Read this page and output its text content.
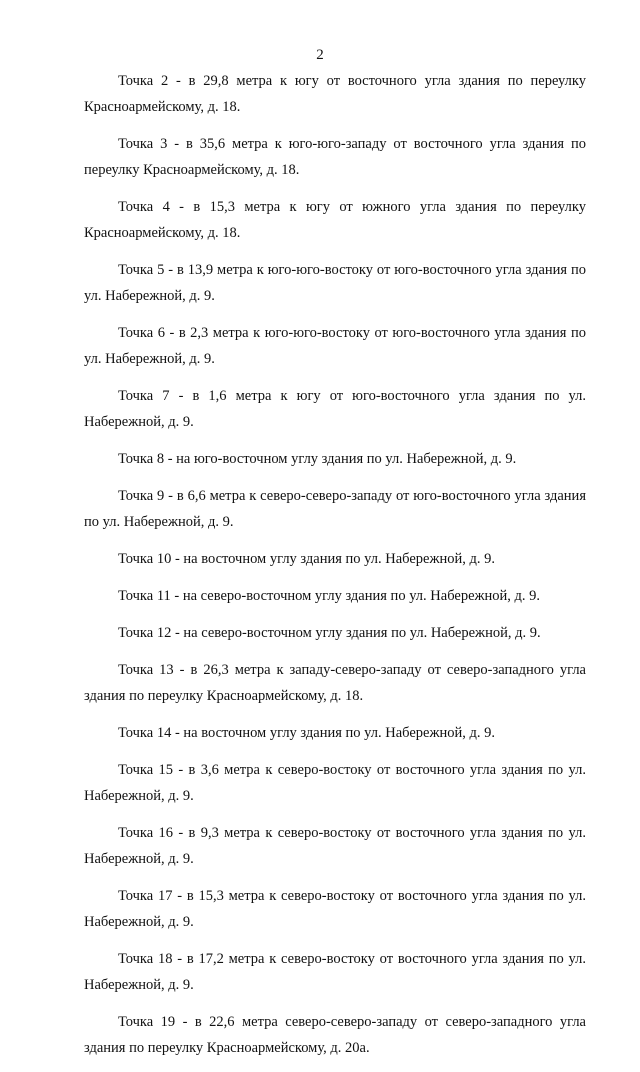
2

Точка 2 - в 29,8 метра к югу от восточного угла здания по переулку Красноармейскому, д. 18.

Точка 3 - в 35,6 метра к юго-юго-западу от восточного угла здания по переулку Красноармейскому, д. 18.

Точка 4 - в 15,3 метра к югу от южного угла здания по переулку Красноармейскому, д. 18.

Точка 5 - в 13,9 метра к юго-юго-востоку от юго-восточного угла здания по ул. Набережной, д. 9.

Точка 6 - в 2,3 метра к юго-юго-востоку от юго-восточного угла здания по ул. Набережной, д. 9.

Точка 7 - в 1,6 метра к югу от юго-восточного угла здания по ул. Набережной, д. 9.

Точка 8 - на юго-восточном углу здания по ул. Набережной, д. 9.

Точка 9 - в 6,6 метра к северо-северо-западу от юго-восточного угла здания по ул. Набережной, д. 9.

Точка 10 - на восточном углу здания по ул. Набережной, д. 9.

Точка 11 - на северо-восточном углу здания по ул. Набережной, д. 9.

Точка 12 - на северо-восточном углу здания по ул. Набережной, д. 9.

Точка 13 - в 26,3 метра к западу-северо-западу от северо-западного угла здания по переулку Красноармейскому, д. 18.

Точка 14 - на восточном углу здания по ул. Набережной, д. 9.

Точка 15 - в 3,6 метра к северо-востоку от восточного угла здания по ул. Набережной, д. 9.

Точка 16 - в 9,3 метра к северо-востоку от восточного угла здания по ул. Набережной, д. 9.

Точка 17 - в 15,3 метра к северо-востоку от восточного угла здания по ул. Набережной, д. 9.

Точка 18 - в 17,2 метра к северо-востоку от восточного угла здания по ул. Набережной, д. 9.

Точка 19 - в 22,6 метра северо-северо-западу от северо-западного угла здания по переулку Красноармейскому, д. 20а.
